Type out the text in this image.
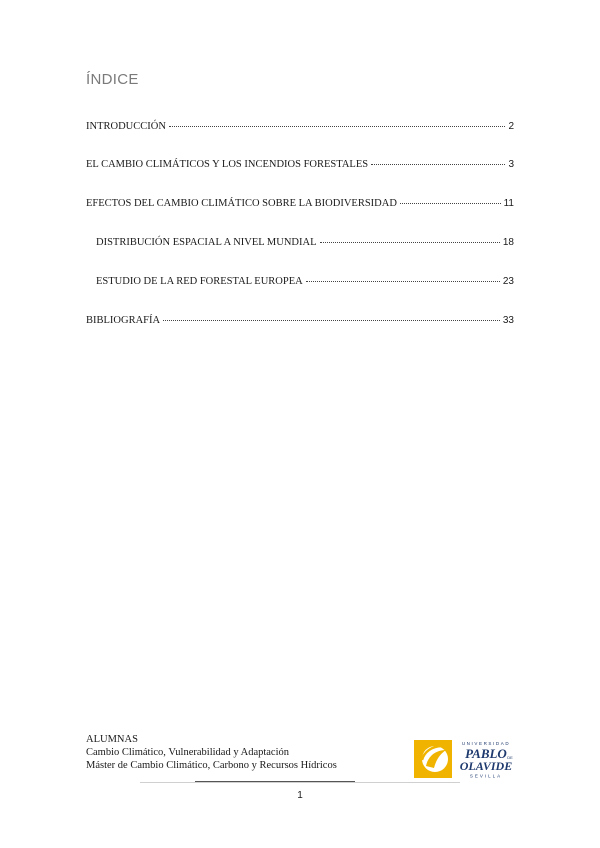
ÍNDICE
INTRODUCCIÓN	2
EL CAMBIO CLIMÁTICOS Y LOS INCENDIOS FORESTALES	3
EFECTOS DEL CAMBIO CLIMÁTICO SOBRE LA BIODIVERSIDAD	11
DISTRIBUCIÓN ESPACIAL A NIVEL MUNDIAL	18
ESTUDIO DE LA RED FORESTAL EUROPEA	23
BIBLIOGRAFÍA	33
ALUMNAS
Cambio Climático, Vulnerabilidad y Adaptación
Máster de Cambio Climático, Carbono y Recursos Hídricos
UNIVERSIDAD
PABLO DE
OLAVIDE
SEVILLA
1
